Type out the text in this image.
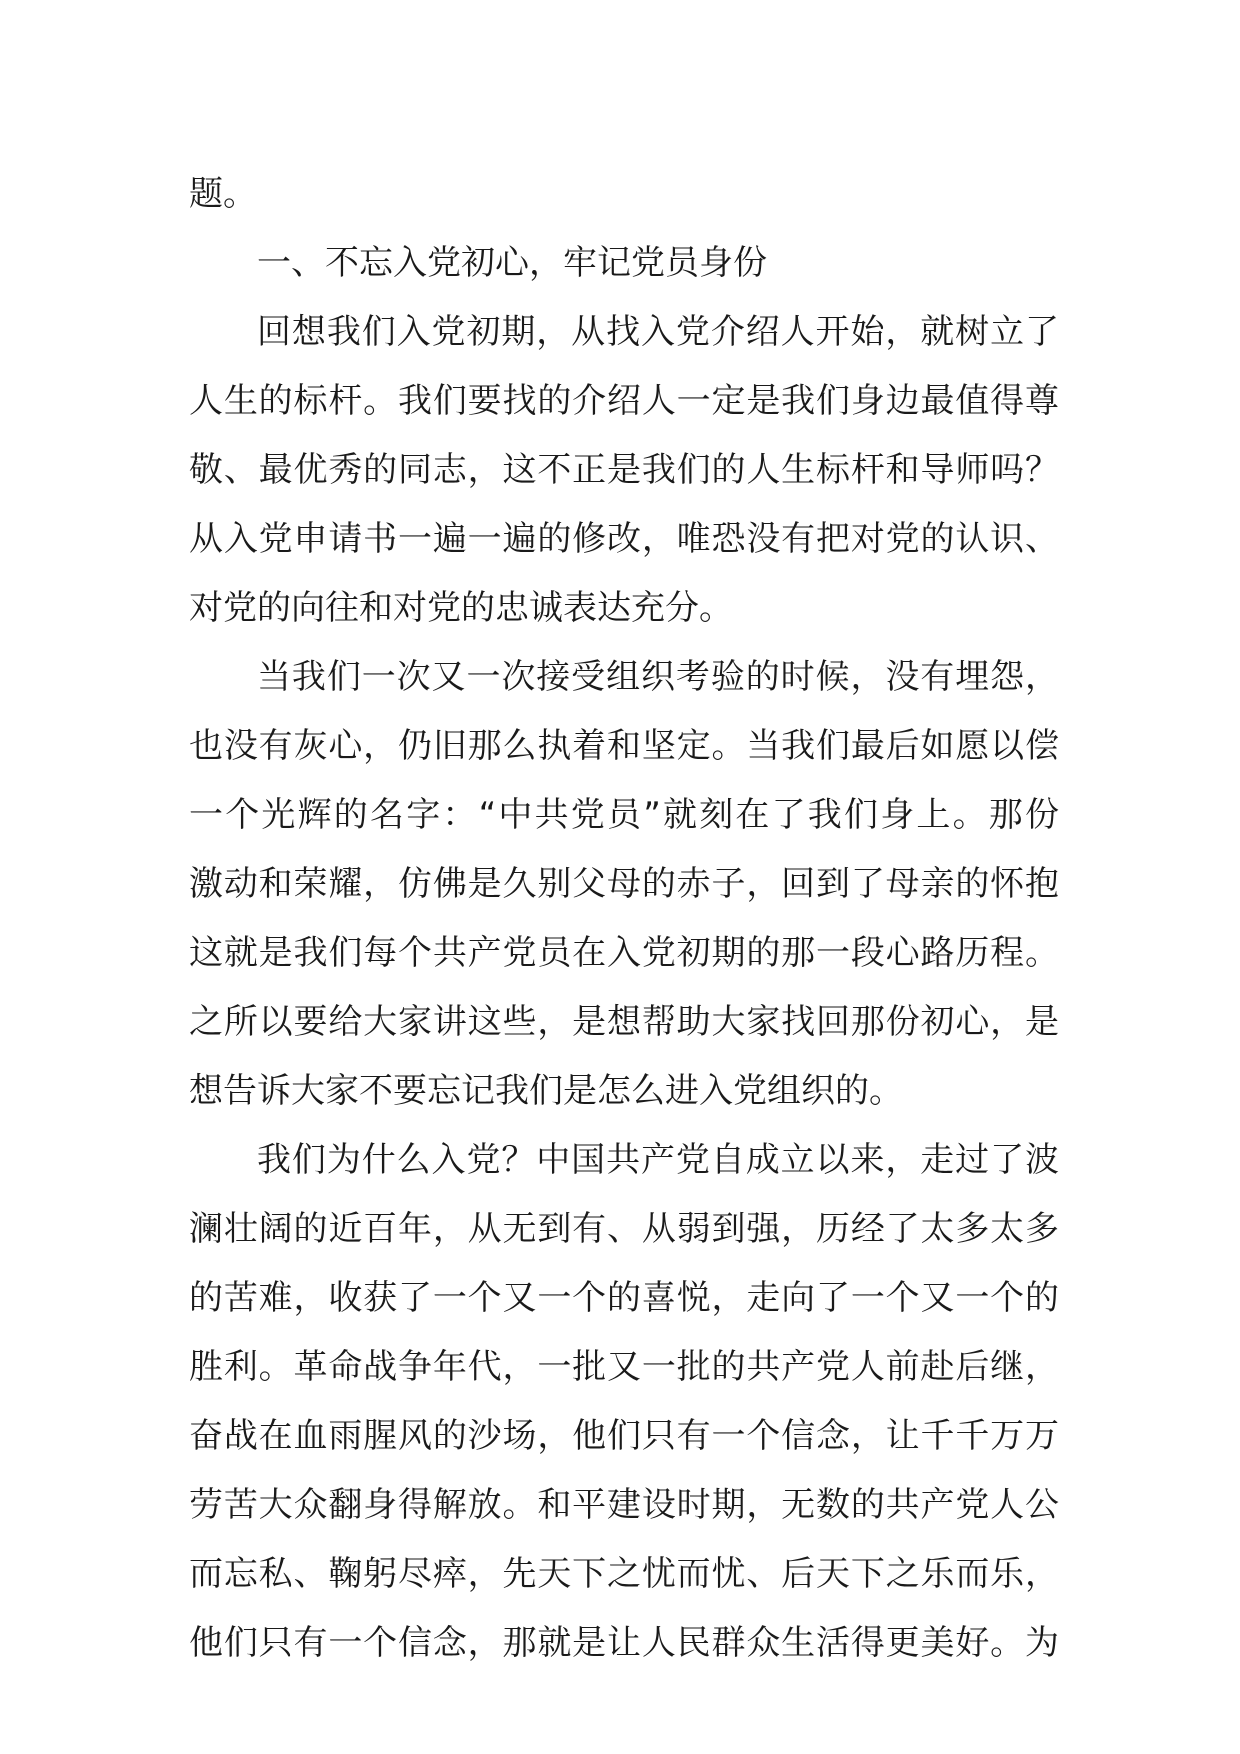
题。

一、不忘入党初心，牢记党员身份

回想我们入党初期，从找入党介绍人开始，就树立了

人生的标杆。我们要找的介绍人一定是我们身边最值得尊

敬、最优秀的同志，这不正是我们的人生标杆和导师吗？

从入党申请书一遍一遍的修改，唯恐没有把对党的认识、

对党的向往和对党的忠诚表达充分。

当我们一次又一次接受组织考验的时候，没有埋怨，

也没有灰心，仍旧那么执着和坚定。当我们最后如愿以偿

一个光辉的名字：“中共党员”就刻在了我们身上。那份

激动和荣耀，仿佛是久别父母的赤子，回到了母亲的怀抱

这就是我们每个共产党员在入党初期的那一段心路历程。

之所以要给大家讲这些，是想帮助大家找回那份初心，是

想告诉大家不要忘记我们是怎么进入党组织的。

我们为什么入党？中国共产党自成立以来，走过了波

澜壮阔的近百年，从无到有、从弱到强，历经了太多太多

的苦难，收获了一个又一个的喜悦，走向了一个又一个的

胜利。革命战争年代，一批又一批的共产党人前赴后继，

奋战在血雨腥风的沙场，他们只有一个信念，让千千万万

劳苦大众翻身得解放。和平建设时期，无数的共产党人公

而忘私、鞠躬尽瘁，先天下之忧而忧、后天下之乐而乐，

他们只有一个信念，那就是让人民群众生活得更美好。为
